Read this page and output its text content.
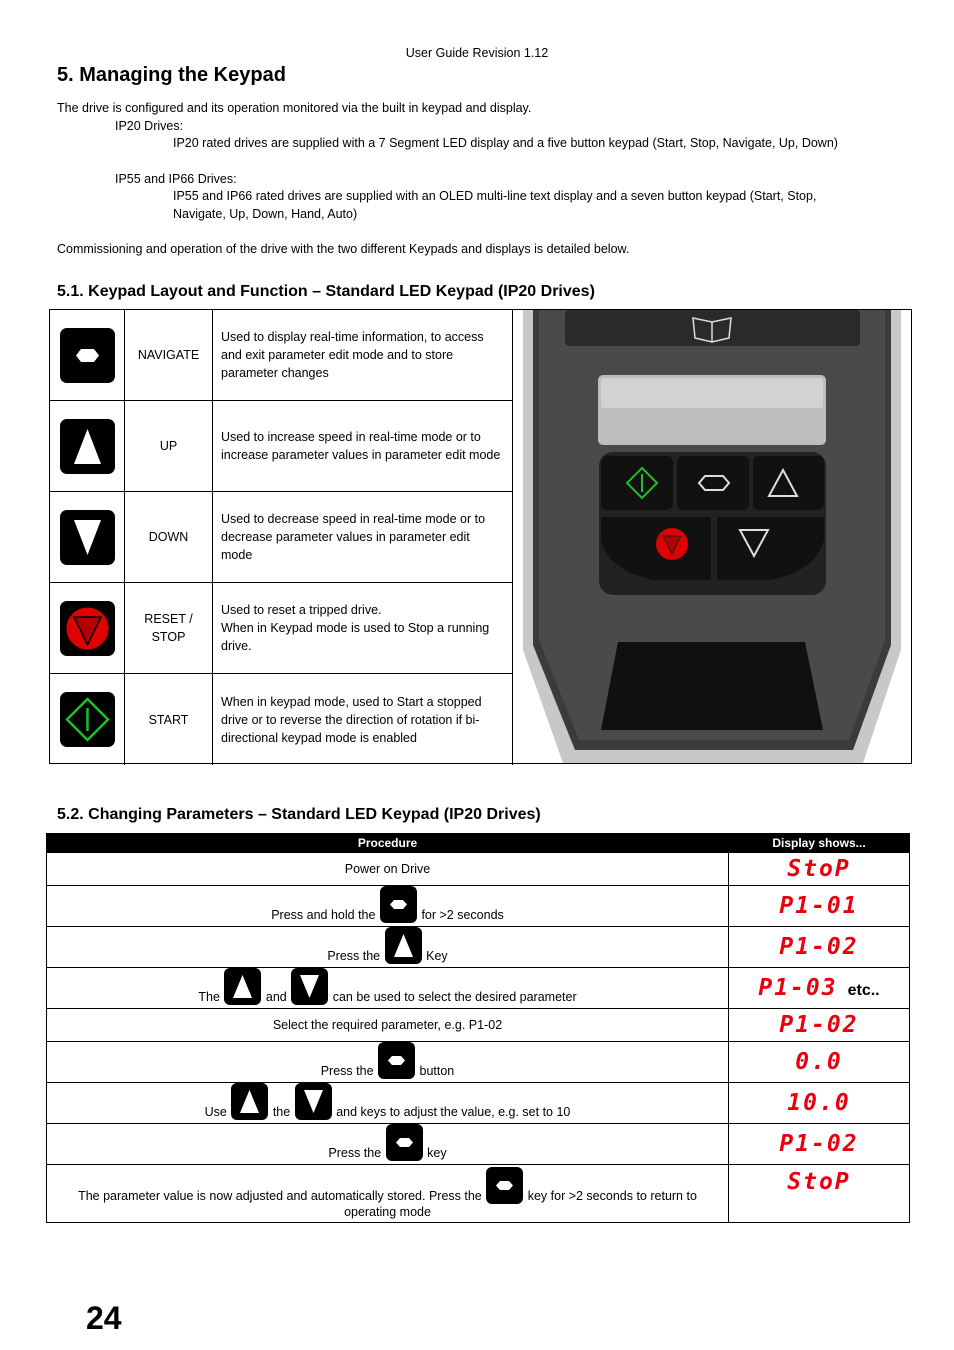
User Guide Revision 1.12
5. Managing the Keypad
The drive is configured and its operation monitored via the built in keypad and display.
IP20 Drives:
IP20 rated drives are supplied with a 7 Segment LED display and a five button keypad (Start, Stop, Navigate, Up, Down)
IP55 and IP66 Drives:
IP55 and IP66 rated drives are supplied with an OLED multi-line text display and a seven button keypad (Start, Stop,
Navigate, Up, Down, Hand, Auto)
Commissioning and operation of the drive with the two different Keypads and displays is detailed below.
5.1. Keypad Layout and Function – Standard LED Keypad (IP20 Drives)
NAVIGATE
Used to display real-time information, to access and exit parameter edit mode and to store parameter changes
UP
Used to increase speed in real-time mode or to increase parameter values in parameter edit mode
DOWN
Used to decrease speed in real-time mode or to decrease parameter values in parameter edit mode
RESET /
STOP
Used to reset a tripped drive.
When in Keypad mode is used to Stop a running drive.
START
When in keypad mode, used to Start a stopped drive or to reverse the direction of rotation if bi-directional keypad mode is enabled
5.2. Changing Parameters – Standard LED Keypad (IP20 Drives)
Procedure	Display shows...
Power on Drive	StoP
Press and hold the for >2 seconds	P1-01
Press the Key	P1-02
The and can be used to select the desired parameter	P1-03 etc..
Select the required parameter, e.g. P1-02	P1-02
Press the button	0.0
Use the and keys to adjust the value, e.g. set to 10	10.0
Press the key	P1-02
The parameter value is now adjusted and automatically stored. Press the key for >2 seconds to return to
operating mode	StoP
24
